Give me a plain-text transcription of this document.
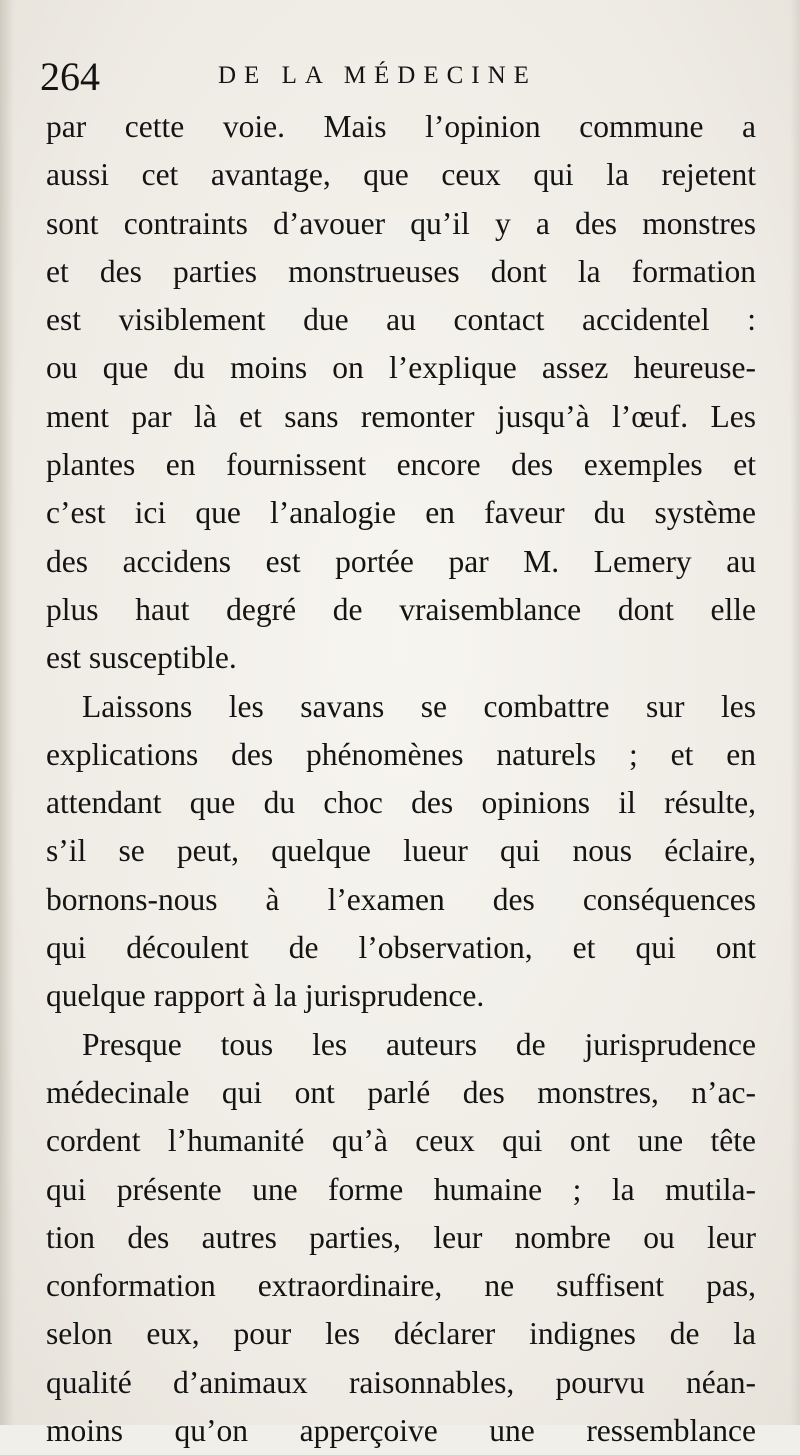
264	DE LA MÉDECINE
par cette voie. Mais l’opinion commune a
aussi cet avantage, que ceux qui la rejetent
sont contraints d’avouer qu’il y a des monstres
et des parties monstrueuses dont la formation
est visiblement due au contact accidentel :
ou que du moins on l’explique assez heureuse-
ment par là et sans remonter jusqu’à l’œuf. Les
plantes en fournissent encore des exemples et
c’est ici que l’analogie en faveur du système
des accidens est portée par M. Lemery au
plus haut degré de vraisemblance dont elle
est susceptible.
Laissons les savans se combattre sur les
explications des phénomènes naturels ; et en
attendant que du choc des opinions il résulte,
s’il se peut, quelque lueur qui nous éclaire,
bornons-nous à l’examen des conséquences
qui découlent de l’observation, et qui ont
quelque rapport à la jurisprudence.
Presque tous les auteurs de jurisprudence
médecinale qui ont parlé des monstres, n’ac-
cordent l’humanité qu’à ceux qui ont une tête
qui présente une forme humaine ; la mutila-
tion des autres parties, leur nombre ou leur
conformation extraordinaire, ne suffisent pas,
selon eux, pour les déclarer indignes de la
qualité d’animaux raisonnables, pourvu néan-
moins qu’on apperçoive une ressemblance
